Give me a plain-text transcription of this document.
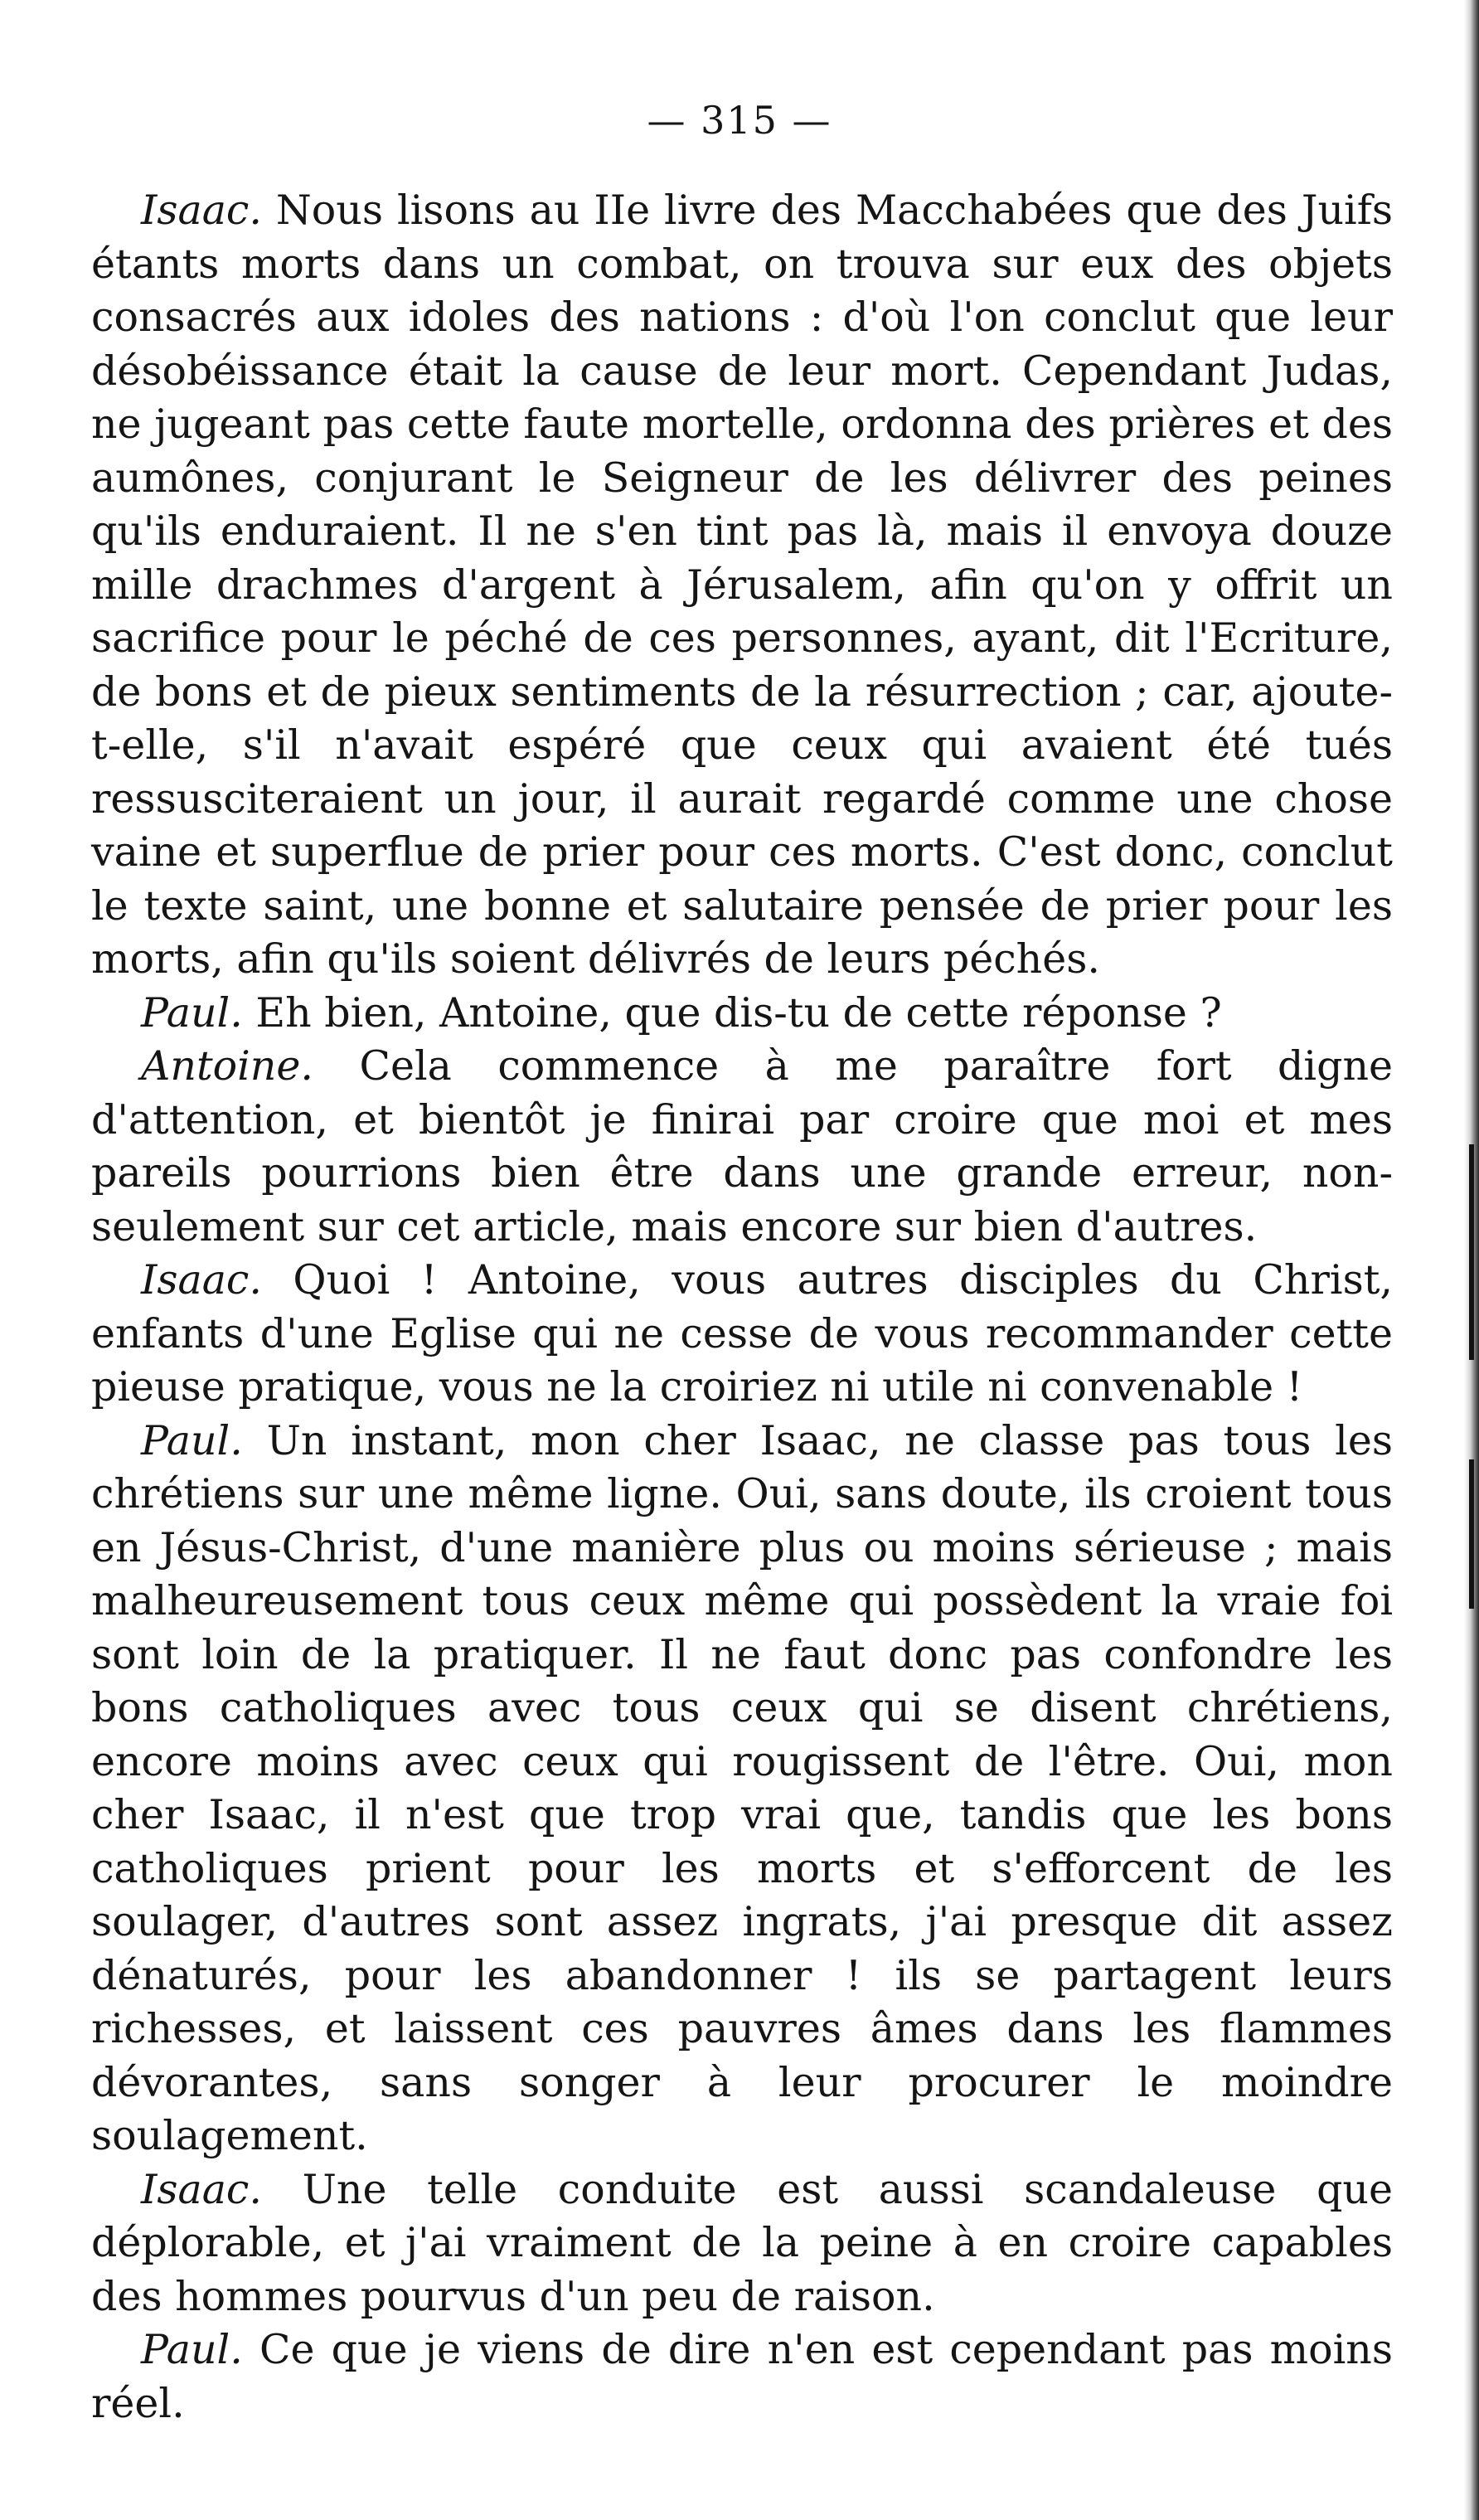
— 315 —

Isaac. Nous lisons au IIe livre des Macchabées que des Juifs étants morts dans un combat, on trouva sur eux des objets consacrés aux idoles des nations : d'où l'on conclut que leur désobéissance était la cause de leur mort. Cependant Judas, ne jugeant pas cette faute mortelle, ordonna des prières et des aumônes, conjurant le Seigneur de les délivrer des peines qu'ils enduraient. Il ne s'en tint pas là, mais il envoya douze mille drachmes d'argent à Jérusalem, afin qu'on y offrit un sacrifice pour le péché de ces personnes, ayant, dit l'Ecriture, de bons et de pieux sentiments de la résurrection ; car, ajoute-t-elle, s'il n'avait espéré que ceux qui avaient été tués ressusciteraient un jour, il aurait regardé comme une chose vaine et superflue de prier pour ces morts. C'est donc, conclut le texte saint, une bonne et salutaire pensée de prier pour les morts, afin qu'ils soient délivrés de leurs péchés.

Paul. Eh bien, Antoine, que dis-tu de cette réponse ?

Antoine. Cela commence à me paraître fort digne d'attention, et bientôt je finirai par croire que moi et mes pareils pourrions bien être dans une grande erreur, non-seulement sur cet article, mais encore sur bien d'autres.

Isaac. Quoi ! Antoine, vous autres disciples du Christ, enfants d'une Eglise qui ne cesse de vous recommander cette pieuse pratique, vous ne la croiriez ni utile ni convenable !

Paul. Un instant, mon cher Isaac, ne classe pas tous les chrétiens sur une même ligne. Oui, sans doute, ils croient tous en Jésus-Christ, d'une manière plus ou moins sérieuse ; mais malheureusement tous ceux même qui possèdent la vraie foi sont loin de la pratiquer. Il ne faut donc pas confondre les bons catholiques avec tous ceux qui se disent chrétiens, encore moins avec ceux qui rougissent de l'être. Oui, mon cher Isaac, il n'est que trop vrai que, tandis que les bons catholiques prient pour les morts et s'efforcent de les soulager, d'autres sont assez ingrats, j'ai presque dit assez dénaturés, pour les abandonner ! ils se partagent leurs richesses, et laissent ces pauvres âmes dans les flammes dévorantes, sans songer à leur procurer le moindre soulagement.

Isaac. Une telle conduite est aussi scandaleuse que déplorable, et j'ai vraiment de la peine à en croire capables des hommes pourvus d'un peu de raison.

Paul. Ce que je viens de dire n'en est cependant pas moins réel.
